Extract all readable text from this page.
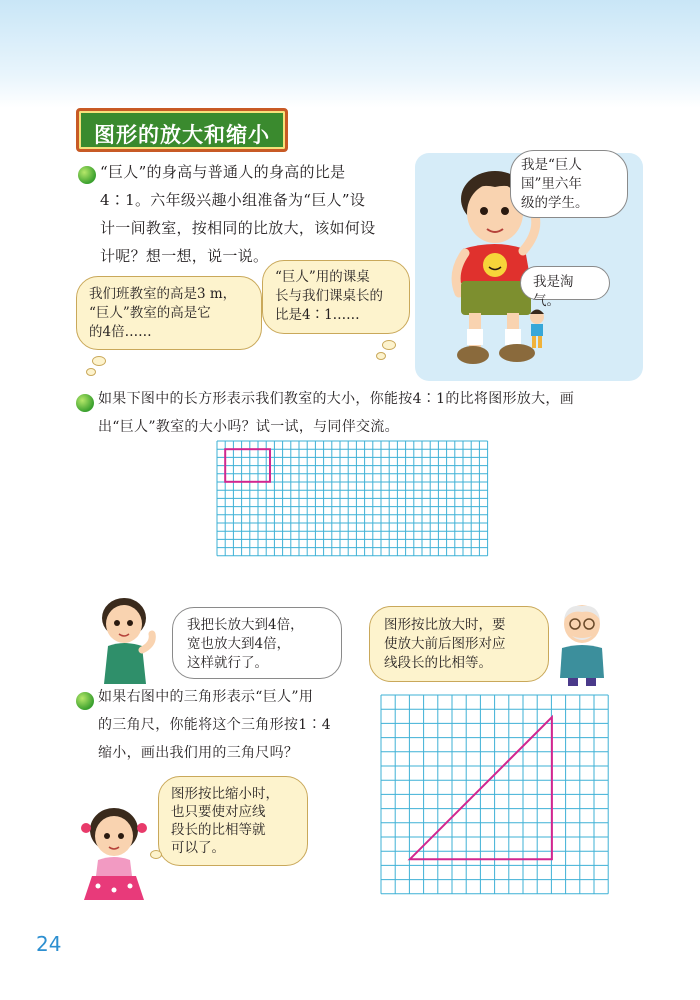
图形的放大和缩小
“巨人”的身高与普通人的身高的比是
4∶1。六年级兴趣小组准备为“巨人”设
计一间教室，按相同的比放大，该如何设
计呢？想一想，说一说。
我们班教室的高是3 m，
“巨人”教室的高是它
的4倍……
“巨人”用的课桌
长与我们课桌长的
比是4∶1……
我是“巨人
国”里六年
级的学生。
我是淘气。
如果下图中的长方形表示我们教室的大小，你能按4∶1的比将图形放大，画
出“巨人”教室的大小吗？试一试，与同伴交流。
我把长放大到4倍，
宽也放大到4倍，
这样就行了。
图形按比放大时，要
使放大前后图形对应
线段长的比相等。
如果右图中的三角形表示“巨人”用
的三角尺，你能将这个三角形按1∶4
缩小，画出我们用的三角尺吗？
图形按比缩小时，
也只要使对应线
段长的比相等就
可以了。
24
